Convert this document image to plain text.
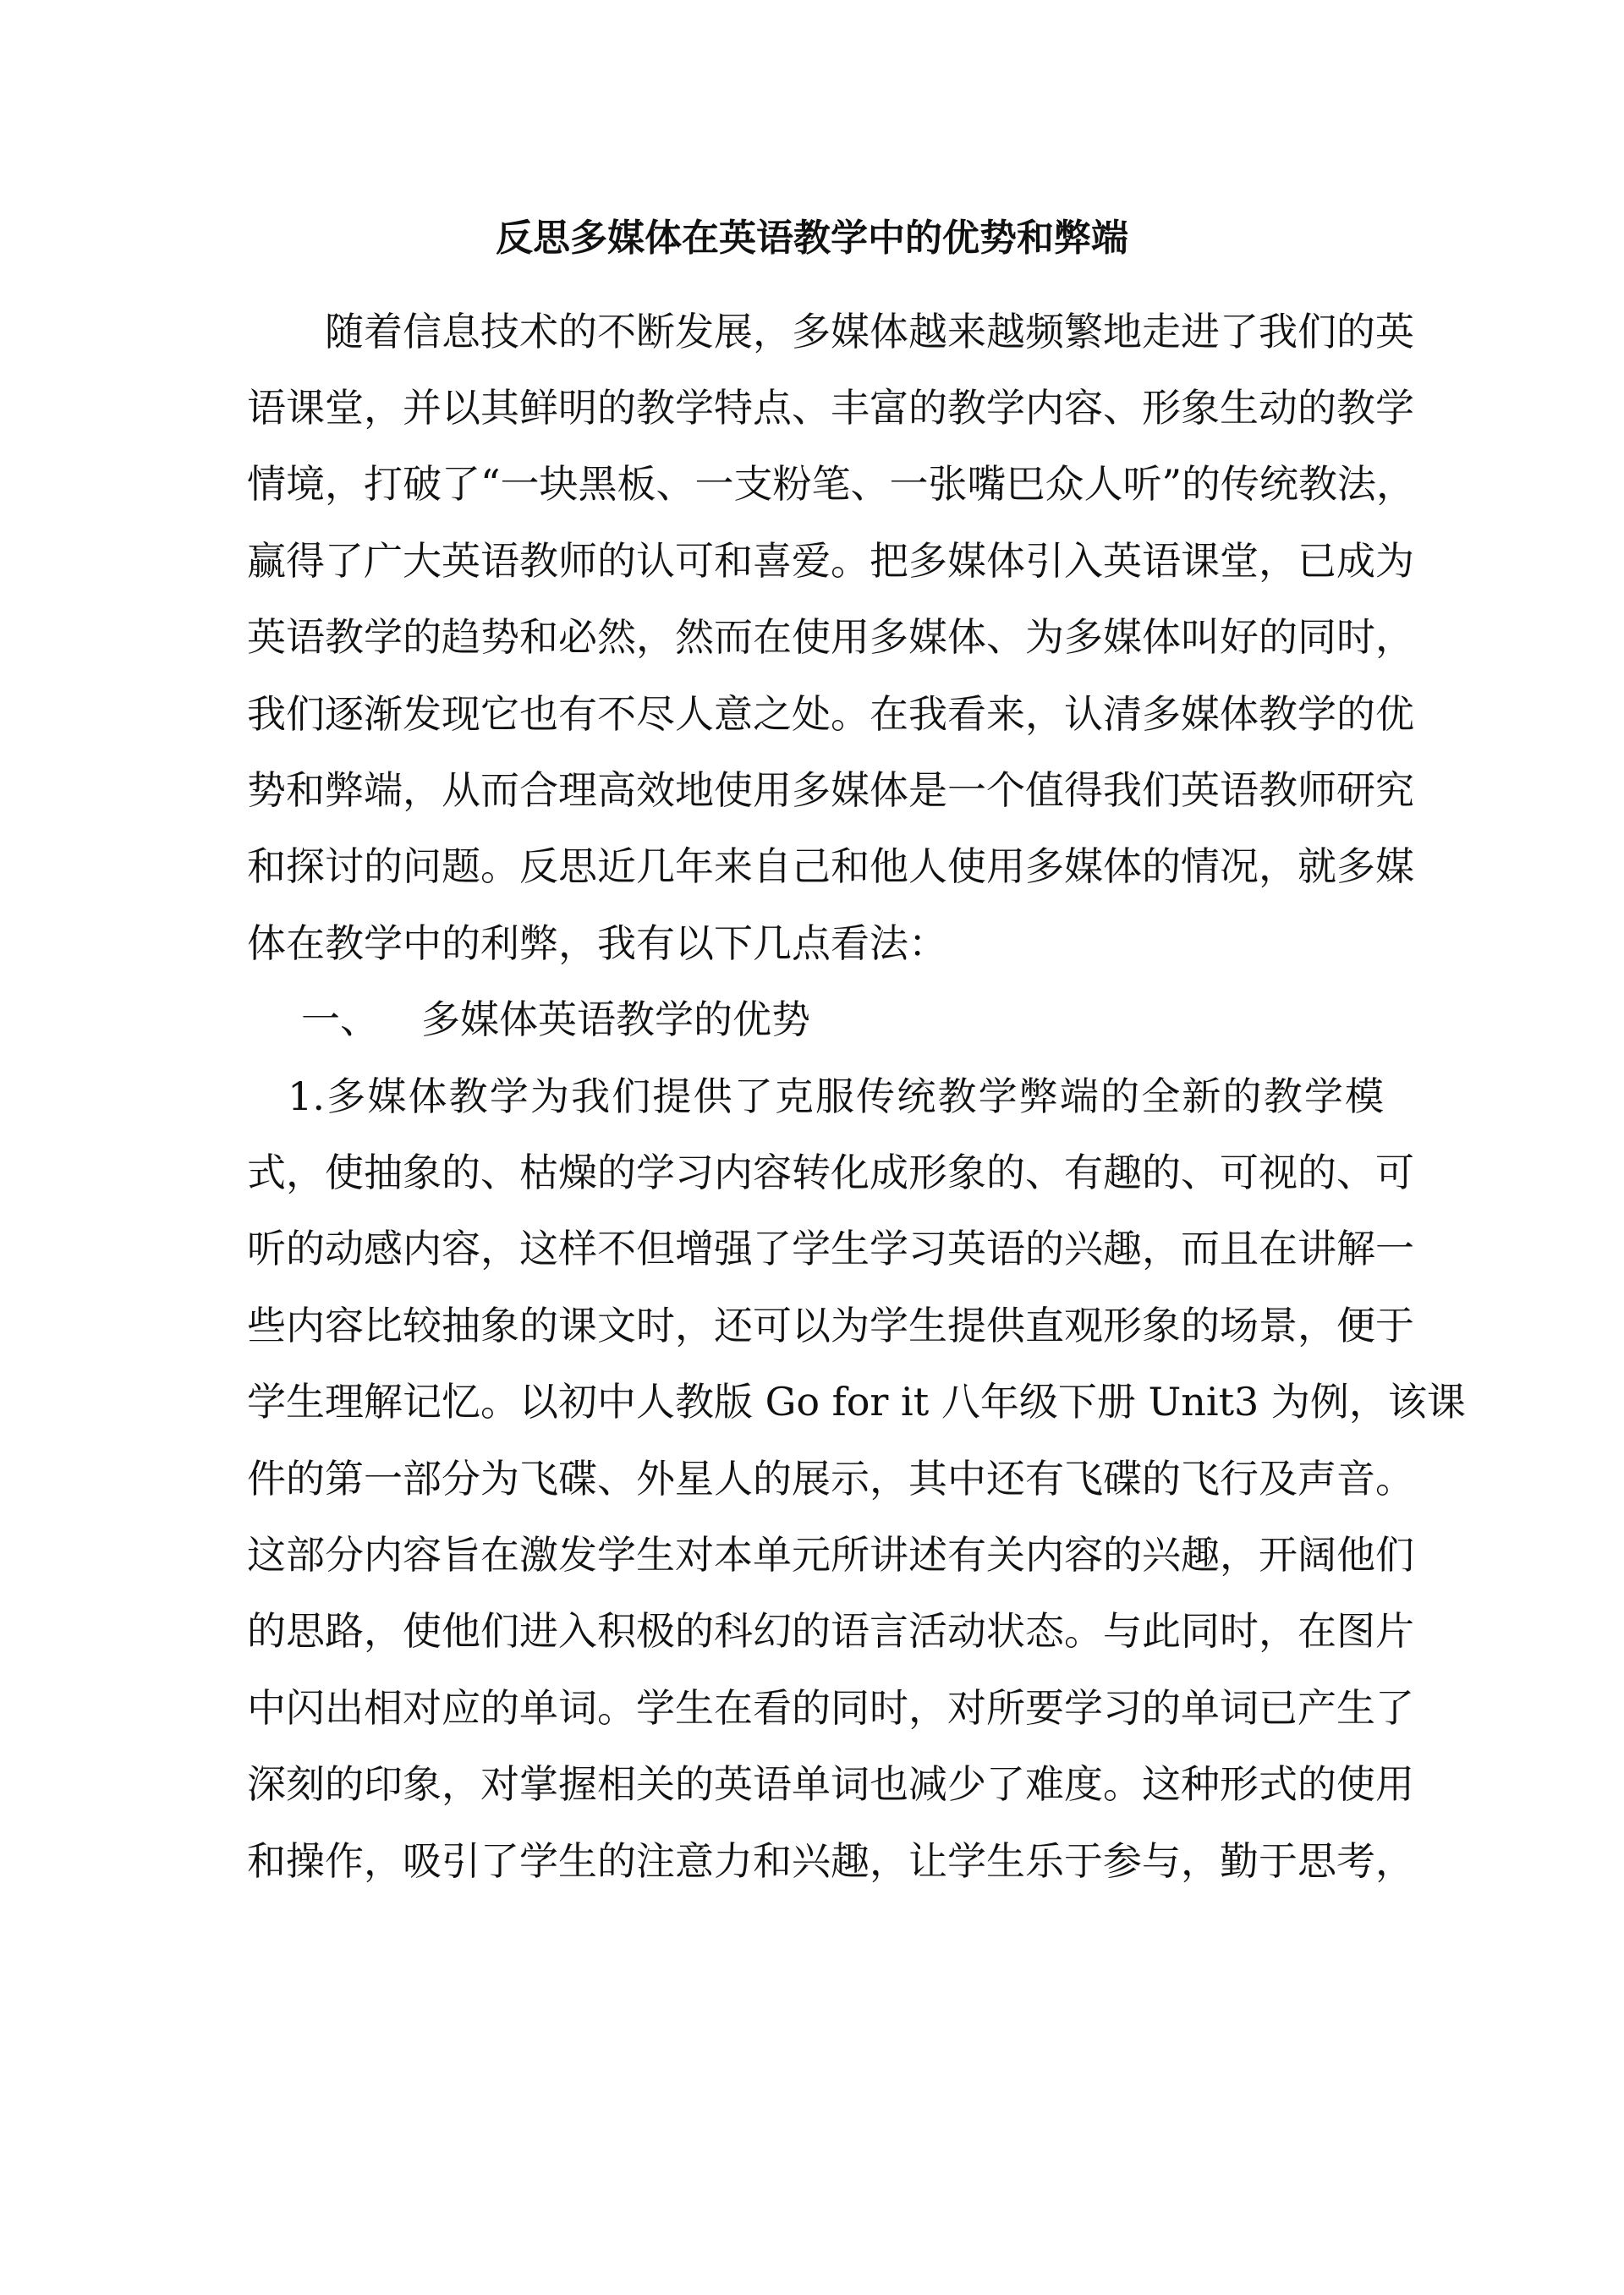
反思多媒体在英语教学中的优势和弊端
　　随着信息技术的不断发展，多媒体越来越频繁地走进了我们的英
语课堂，并以其鲜明的教学特点、丰富的教学内容、形象生动的教学
情境，打破了“一块黑板、一支粉笔、一张嘴巴众人听”的传统教法，
赢得了广大英语教师的认可和喜爱。把多媒体引入英语课堂，已成为
英语教学的趋势和必然，然而在使用多媒体、为多媒体叫好的同时，
我们逐渐发现它也有不尽人意之处。在我看来，认清多媒体教学的优
势和弊端，从而合理高效地使用多媒体是一个值得我们英语教师研究
和探讨的问题。反思近几年来自己和他人使用多媒体的情况，就多媒
体在教学中的利弊，我有以下几点看法：
一、 多媒体英语教学的优势
　1.多媒体教学为我们提供了克服传统教学弊端的全新的教学模
式，使抽象的、枯燥的学习内容转化成形象的、有趣的、可视的、可
听的动感内容，这样不但增强了学生学习英语的兴趣，而且在讲解一
些内容比较抽象的课文时，还可以为学生提供直观形象的场景，便于
学生理解记忆。以初中人教版 Go for it 八年级下册 Unit3 为例，该课
件的第一部分为飞碟、外星人的展示，其中还有飞碟的飞行及声音。
这部分内容旨在激发学生对本单元所讲述有关内容的兴趣，开阔他们
的思路，使他们进入积极的科幻的语言活动状态。与此同时，在图片
中闪出相对应的单词。学生在看的同时，对所要学习的单词已产生了
深刻的印象，对掌握相关的英语单词也减少了难度。这种形式的使用
和操作，吸引了学生的注意力和兴趣，让学生乐于参与，勤于思考，
